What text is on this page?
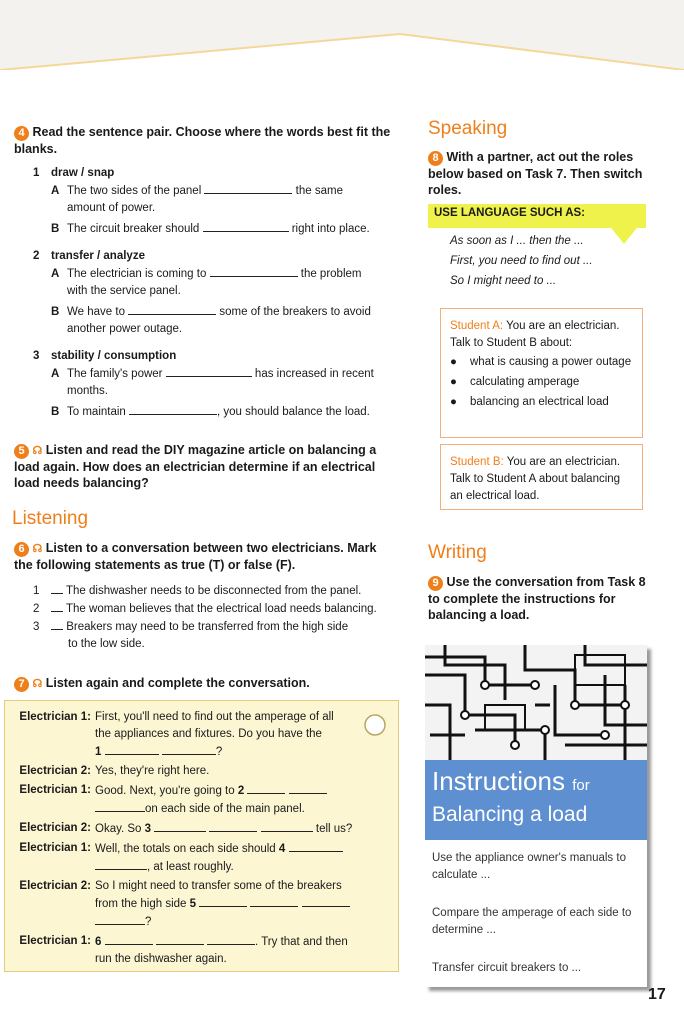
4 Read the sentence pair. Choose where the words best fit the blanks.
1 draw / snap
A The two sides of the panel	the same
amount of power.
B The circuit breaker should	right into place.
2 transfer / analyze
A The electrician is coming to	the problem
with the service panel.
B We have to	some of the breakers to avoid
another power outage.
3 stability / consumption
A The family's power	has increased in recent
months.
B To maintain	, you should balance the load.
5 ☊ Listen and read the DIY magazine article on balancing a load again. How does an electrician determine if an electrical load needs balancing?
Listening
6 ☊ Listen to a conversation between two electricians. Mark the following statements as true (T) or false (F).
1 The dishwasher needs to be disconnected from the panel.
2 The woman believes that the electrical load needs balancing.
3 Breakers may need to be transferred from the high side
to the low side.
7 ☊ Listen again and complete the conversation.
Electrician 1: First, you'll need to find out the amperage of all
the appliances and fixtures. Do you have the
1	?
Electrician 2: Yes, they're right here.
Electrician 1: Good. Next, you're going to 2
on each side of the main panel.
Electrician 2: Okay. So 3	tell us?
Electrician 1: Well, the totals on each side should 4
, at least roughly.
Electrician 2: So I might need to transfer some of the breakers
from the high side 5
?
Electrician 1: 6	. Try that and then
run the dishwasher again.
Speaking
8 With a partner, act out the roles below based on Task 7. Then switch roles.
USE LANGUAGE SUCH AS:
As soon as I ... then the ...
First, you need to find out ...
So I might need to ...
Student A: You are an electrician. Talk to Student B about:
●	what is causing a power outage
●	calculating amperage
●	balancing an electrical load
Student B: You are an electrician. Talk to Student A about balancing an electrical load.
Writing
9 Use the conversation from Task 8 to complete the instructions for balancing a load.
Instructions for
Balancing a load
Use the appliance owner's manuals to calculate ...
Compare the amperage of each side to determine ...
Transfer circuit breakers to ...
17
